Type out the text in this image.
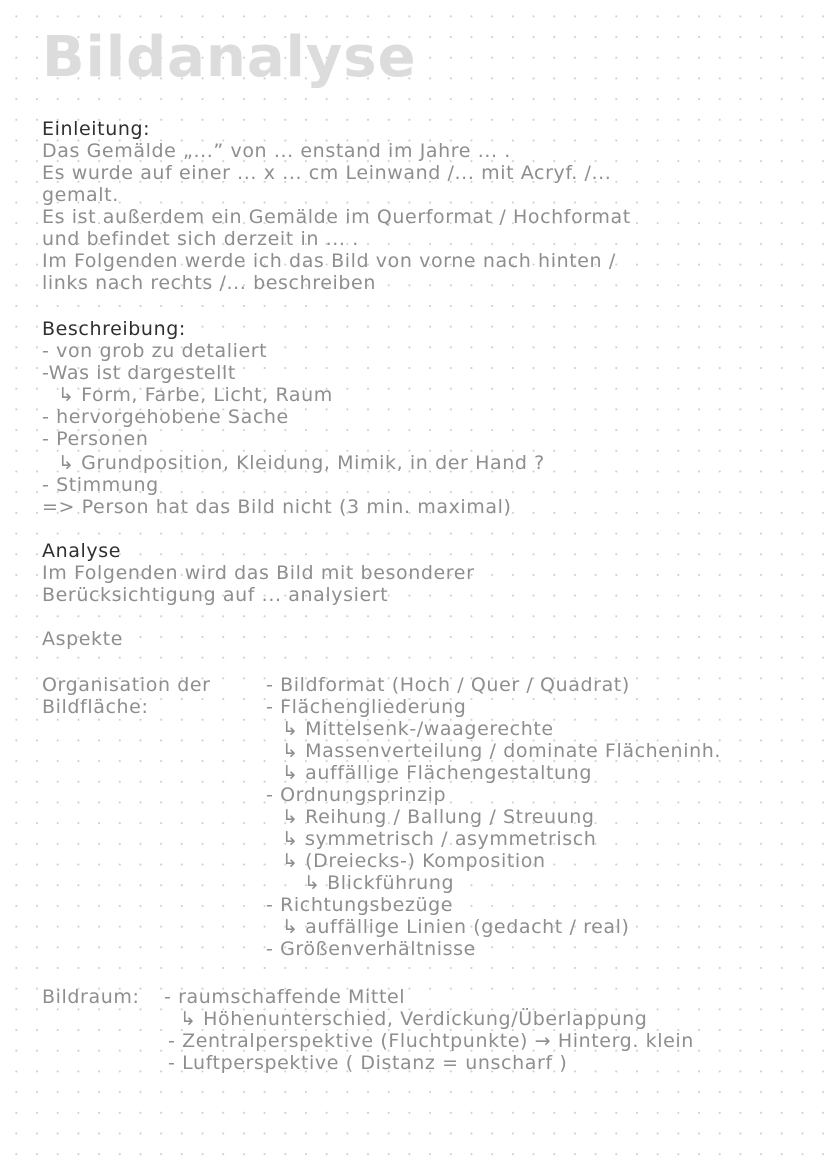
Bildanalyse
Einleitung:
Das Gemälde „...” von ... enstand im Jahre ... .
Es wurde auf einer ... x ... cm Leinwand /... mit Acryf. /...
gemalt.
Es ist außerdem ein Gemälde im Querformat / Hochformat
und befindet sich derzeit in ... .
Im Folgenden werde ich das Bild von vorne nach hinten /
links nach rechts /... beschreiben
Beschreibung:
- von grob zu detaliert
-Was ist dargestellt
↳ Form, Farbe, Licht, Raum
- hervorgehobene Sache
- Personen
↳ Grundposition, Kleidung, Mimik, in der Hand ?
- Stimmung
=> Person hat das Bild nicht (3 min. maximal)
Analyse
Im Folgenden wird das Bild mit besonderer
Berücksichtigung auf ... analysiert
Aspekte
Organisation der
Bildfläche:
- Bildformat (Hoch / Quer / Quadrat)
- Flächengliederung
↳ Mittelsenk-/waagerechte
↳ Massenverteilung / dominate Flächeninh.
↳ auffällige Flächengestaltung
- Ordnungsprinzip
↳ Reihung / Ballung / Streuung
↳ symmetrisch / asymmetrisch
↳ (Dreiecks-) Komposition
↳ Blickführung
- Richtungsbezüge
↳ auffällige Linien (gedacht / real)
- Größenverhältnisse
Bildraum: - raumschaffende Mittel
↳ Höhenunterschied, Verdickung/Überlappung
- Zentralperspektive (Fluchtpunkte) → Hinterg. klein
- Luftperspektive ( Distanz = unscharf )
